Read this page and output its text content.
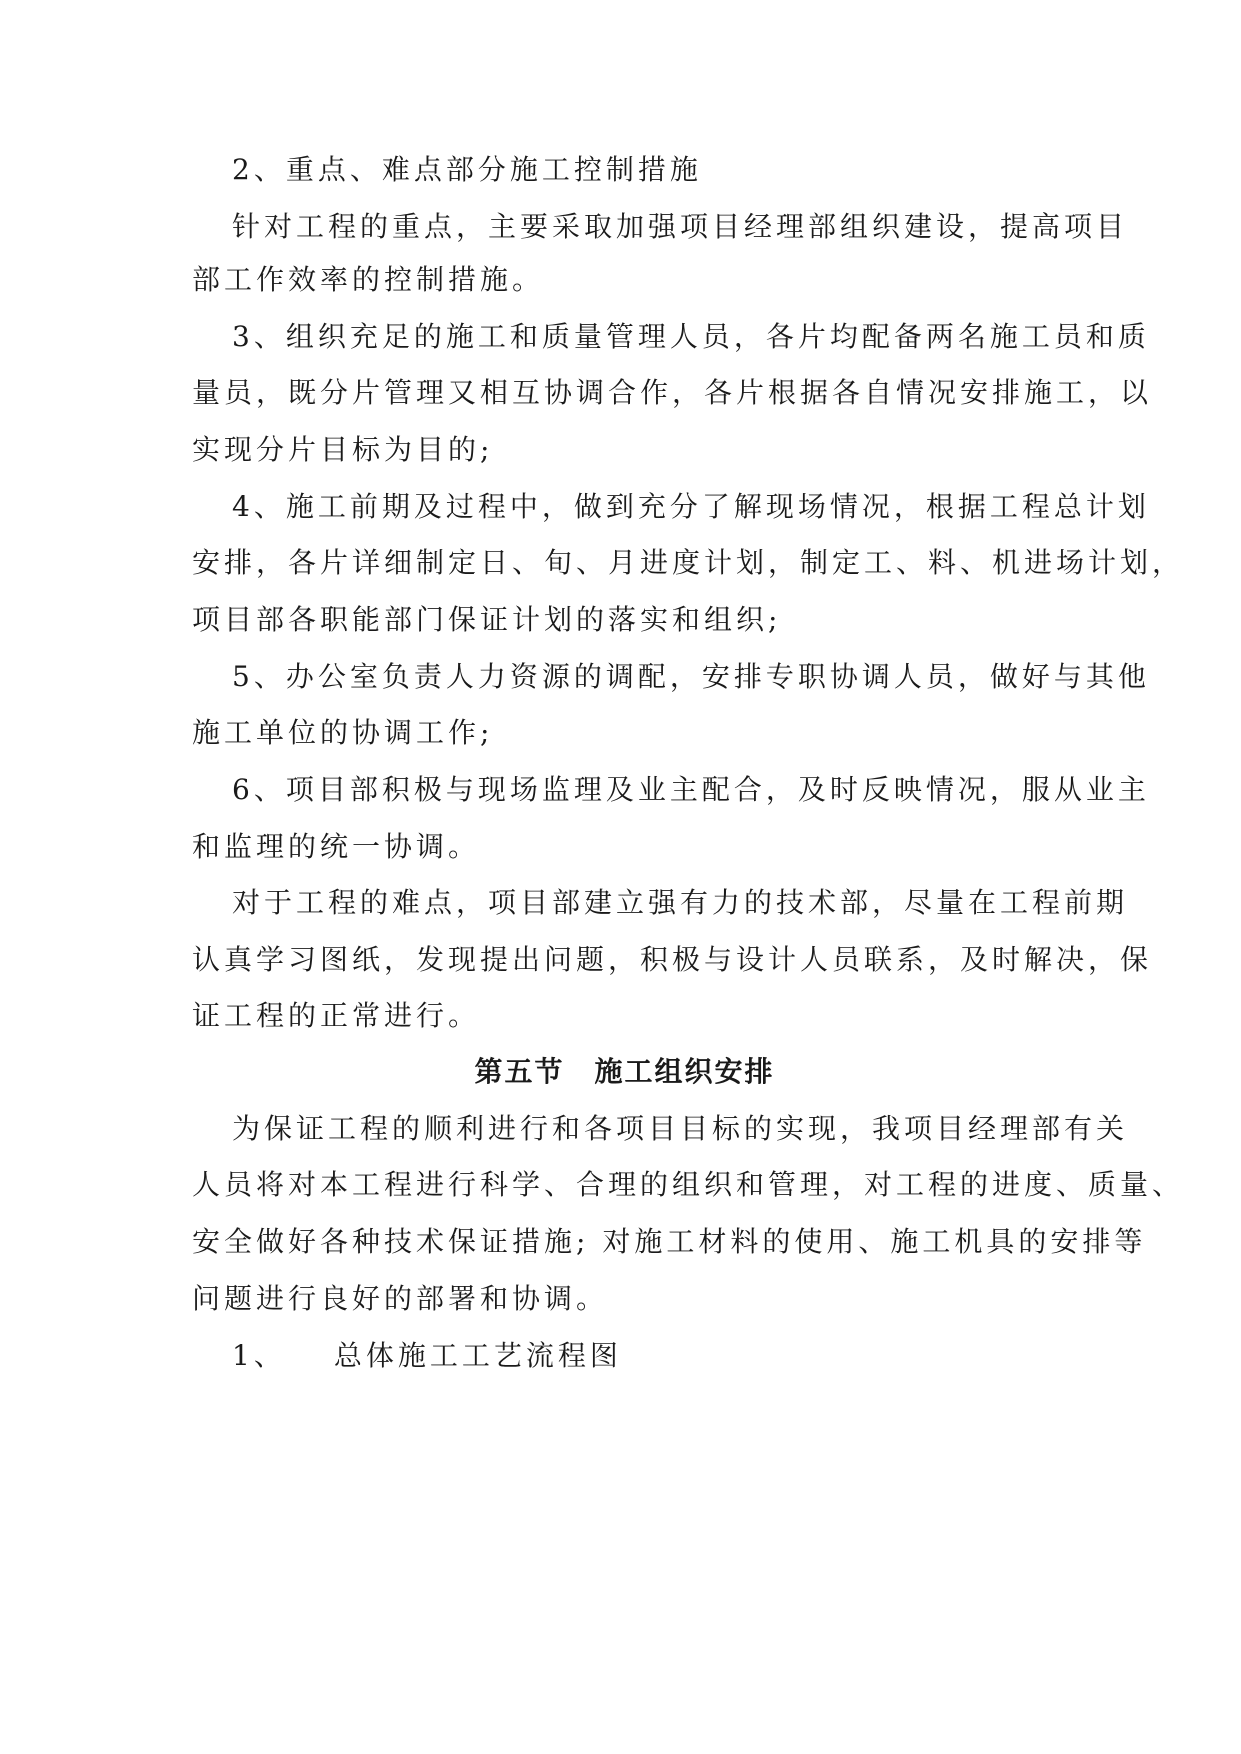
2、重点、难点部分施工控制措施
针对工程的重点，主要采取加强项目经理部组织建设，提高项目
部工作效率的控制措施。
3、组织充足的施工和质量管理人员，各片均配备两名施工员和质
量员，既分片管理又相互协调合作，各片根据各自情况安排施工，以
实现分片目标为目的;
4、施工前期及过程中，做到充分了解现场情况，根据工程总计划
安排，各片详细制定日、旬、月进度计划，制定工、料、机进场计划，
项目部各职能部门保证计划的落实和组织;
5、办公室负责人力资源的调配，安排专职协调人员，做好与其他
施工单位的协调工作;
6、项目部积极与现场监理及业主配合，及时反映情况，服从业主
和监理的统一协调。
对于工程的难点，项目部建立强有力的技术部，尽量在工程前期
认真学习图纸，发现提出问题，积极与设计人员联系，及时解决，保
证工程的正常进行。
第五节　施工组织安排
为保证工程的顺利进行和各项目目标的实现，我项目经理部有关
人员将对本工程进行科学、合理的组织和管理，对工程的进度、质量、
安全做好各种技术保证措施; 对施工材料的使用、施工机具的安排等
问题进行良好的部署和协调。
1、 总体施工工艺流程图
